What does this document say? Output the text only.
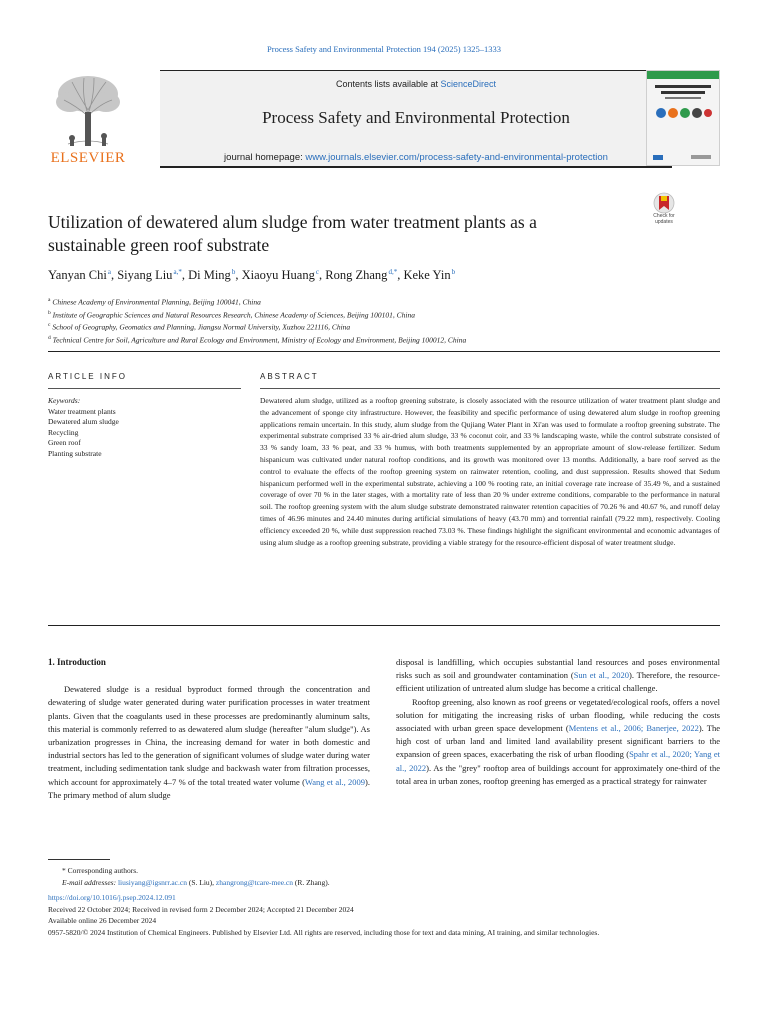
Process Safety and Environmental Protection 194 (2025) 1325–1333
ELSEVIER
Contents lists available at ScienceDirect
Process Safety and Environmental Protection
journal homepage: www.journals.elsevier.com/process-safety-and-environmental-protection
Utilization of dewatered alum sludge from water treatment plants as a sustainable green roof substrate
Check for updates
Yanyan Chi $^a$, Siyang Liu $^{a,*}$, Di Ming $^b$, Xiaoyu Huang $^c$, Rong Zhang $^{d,*}$, Keke Yin $^b$
$^a$ Chinese Academy of Environmental Planning, Beijing 100041, China
$^b$ Institute of Geographic Sciences and Natural Resources Research, Chinese Academy of Sciences, Beijing 100101, China
$^c$ School of Geography, Geomatics and Planning, Jiangsu Normal University, Xuzhou 221116, China
$^d$ Technical Centre for Soil, Agriculture and Rural Ecology and Environment, Ministry of Ecology and Environment, Beijing 100012, China
ARTICLE INFO	ABSTRACT
Keywords:
Water treatment plants
Dewatered alum sludge
Recycling
Green roof
Planting substrate
Dewatered alum sludge, utilized as a rooftop greening substrate, is closely associated with the resource utilization of water treatment plant sludge and the advancement of sponge city infrastructure. However, the feasibility and specific performance of using dewatered alum sludge in rooftop greening applications remain uncertain. In this study, alum sludge from the Qujiang Water Plant in Xi'an was used to formulate a rooftop greening substrate. The experimental substrate comprised 33 % air-dried alum sludge, 33 % coconut coir, and 33 % landscaping waste, while the control substrate consisted of 33 % sandy loam, 33 % peat, and 33 % humus, with both treatments supplemented by an appropriate amount of slow-release fertilizer. Sedum hispanicum was cultivated under natural rooftop conditions, and its growth was monitored over 13 months. Additionally, a bare roof served as the control to evaluate the effects of the rooftop greening system on rainwater retention, cooling, and dust suppression. Results showed that Sedum hispanicum performed well in the experimental substrate, achieving a 100 % rooting rate, an initial coverage rate increase of 35.49 %, and a sustained coverage of over 70 % in the later stages, with a mortality rate of less than 20 % under extreme conditions, comparable to the performance in natural soil. The rooftop greening system with the alum sludge substrate demonstrated rainwater retention capacities of 70.26 % and 40.67 %, and runoff delay times of 46.96 minutes and 24.40 minutes during artificial simulations of heavy (43.70 mm) and torrential rainfall (79.22 mm), respectively. Cooling efficiency exceeded 20 %, while dust suppression reached 73.03 %. These findings highlight the significant environmental and economic advantages of using alum sludge as a rooftop greening substrate, providing a viable strategy for the resource-efficient disposal of water treatment sludge.
1. Introduction

Dewatered sludge is a residual byproduct formed through the concentration and dewatering of sludge water generated during water purification processes in water treatment plants. Given that the coagulants used in these processes are predominantly aluminum salts, this material is commonly referred to as dewatered alum sludge (hereafter "alum sludge"). As urbanization progresses in China, the increasing demand for water in both domestic and industrial sectors has led to the generation of significant volumes of sludge water during water treatment, including sedimentation tank sludge and backwash water from filtration processes, which account for approximately 4–7 % of the total treated water volume (Wang et al., 2009). The primary method of alum sludge

disposal is landfilling, which occupies substantial land resources and poses environmental risks such as soil and groundwater contamination (Sun et al., 2020). Therefore, the resource-efficient utilization of untreated alum sludge has become a critical challenge.

Rooftop greening, also known as roof greens or vegetated/ecological roofs, offers a novel solution for mitigating the increasing risks of urban flooding, while reducing the costs associated with urban green space development (Mentens et al., 2006; Banerjee, 2022). The high cost of urban land and limited land availability present significant barriers to the expansion of green spaces, exacerbating the risk of urban flooding (Spahr et al., 2020; Yang et al., 2022). As the "grey" rooftop area of buildings account for approximately one-third of the total area in urban zones, rooftop greening has emerged as a practical strategy for rainwater

* Corresponding authors.
E-mail addresses: liusiyang@igsnrr.ac.cn (S. Liu), zhangrong@tcare-mee.cn (R. Zhang).
https://doi.org/10.1016/j.psep.2024.12.091
Received 22 October 2024; Received in revised form 2 December 2024; Accepted 21 December 2024
Available online 26 December 2024
0957-5820/© 2024 Institution of Chemical Engineers. Published by Elsevier Ltd. All rights are reserved, including those for text and data mining, AI training, and similar technologies.
